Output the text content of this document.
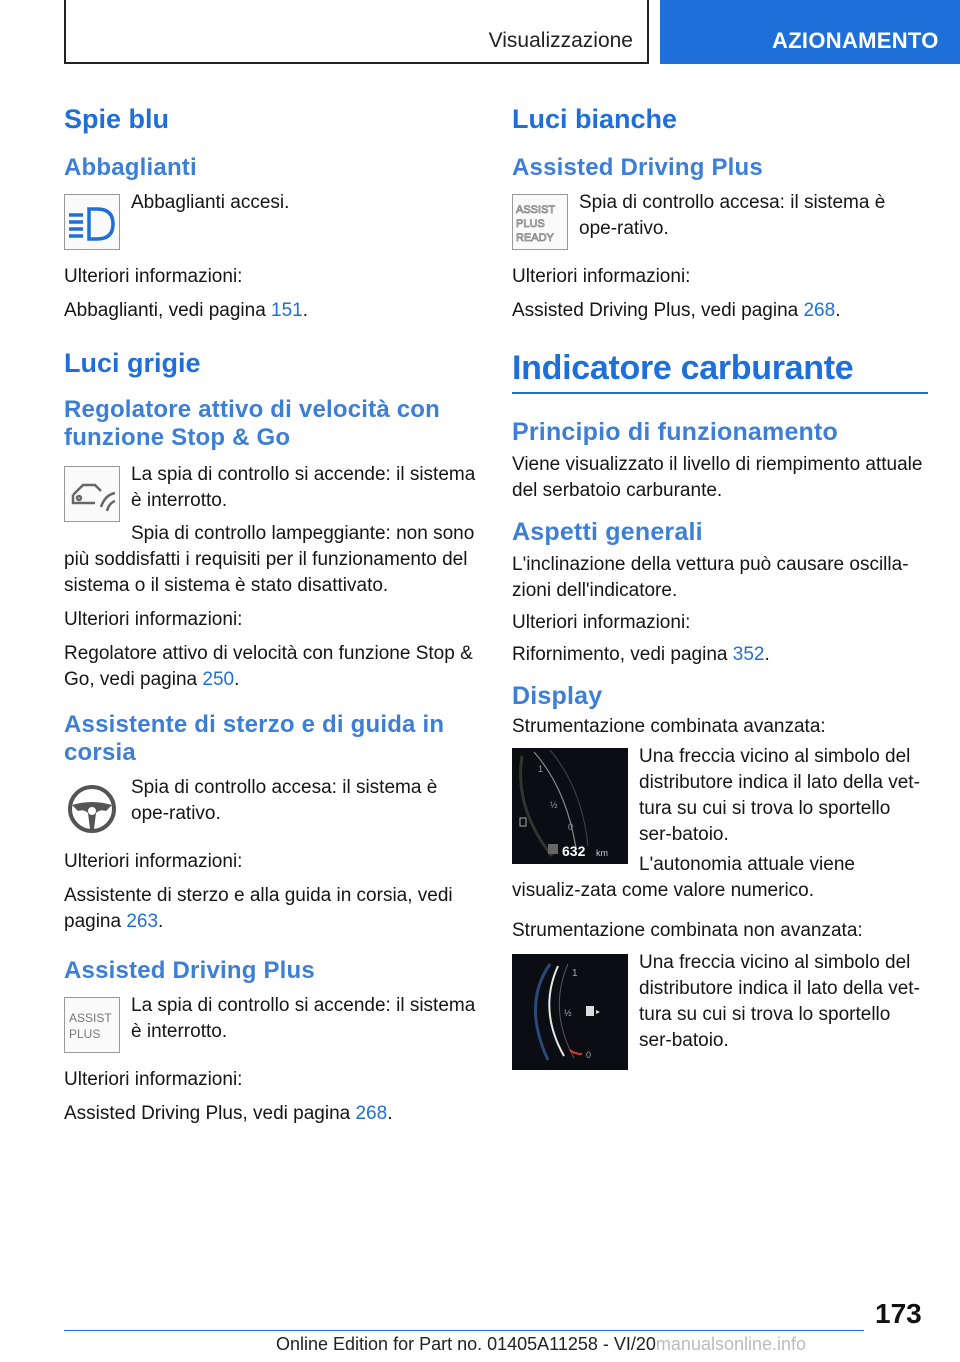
Visualizzazione	AZIONAMENTO
Spie blu
Abbaglianti

Abbaglianti accesi.

Ulteriori informazioni:

Abbaglianti, vedi pagina 151.

Luci grigie
Regolatore attivo di velocità con funzione Stop & Go

La spia di controllo si accende: il sistema è interrotto.

Spia di controllo lampeggiante: non sono più soddisfatti i requisiti per il funzionamento del sistema o il sistema è stato disattivato.

Ulteriori informazioni:

Regolatore attivo di velocità con funzione Stop & Go, vedi pagina 250.

Assistente di sterzo e di guida in corsia

Spia di controllo accesa: il sistema è ope-rativo.

Ulteriori informazioni:

Assistente di sterzo e alla guida in corsia, vedi pagina 263.

Assisted Driving Plus
ASSIST
PLUS

La spia di controllo si accende: il sistema è interrotto.

Ulteriori informazioni:

Assisted Driving Plus, vedi pagina 268.

Luci bianche
Assisted Driving Plus
ASSIST
PLUS
READY

Spia di controllo accesa: il sistema è ope-rativo.

Ulteriori informazioni:

Assisted Driving Plus, vedi pagina 268.

Indicatore carburante
Principio di funzionamento

Viene visualizzato il livello di riempimento attuale del serbatoio carburante.

Aspetti generali

L'inclinazione della vettura può causare oscilla-zioni dell'indicatore.

Ulteriori informazioni:

Rifornimento, vedi pagina 352.

Display

Strumentazione combinata avanzata:

1
½
0
632 km

Una freccia vicino al simbolo del distributore indica il lato della vet-tura su cui si trova lo sportello ser-batoio.

L'autonomia attuale viene visualiz-zata come valore numerico.

Strumentazione combinata non avanzata:

1
½
0

Una freccia vicino al simbolo del distributore indica il lato della vet-tura su cui si trova lo sportello ser-batoio.

173
Online Edition for Part no. 01405A11258 - VI/20manualsonline.info
